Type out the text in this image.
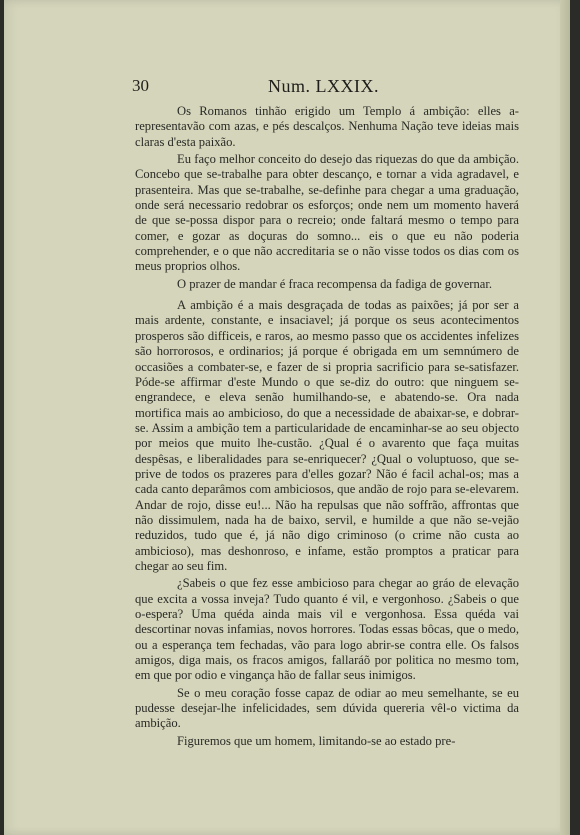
30	Num. LXXIX.

Os Romanos tinhão erigido um Templo á ambição: elles a-representavão com azas, e pés descalços. Nenhuma Nação teve ideias mais claras d'esta paixão.

Eu faço melhor conceito do desejo das riquezas do que da ambição. Concebo que se-trabalhe para obter descanço, e tornar a vida agradavel, e prasenteira. Mas que se-trabalhe, se-definhe para chegar a uma graduação, onde será necessario redobrar os esforços; onde nem um momento haverá de que se-possa dispor para o recreio; onde faltará mesmo o tempo para comer, e gozar as doçuras do somno... eis o que eu não poderia comprehender, e o que não accreditaria se o não visse todos os dias com os meus proprios olhos.

O prazer de mandar é fraca recompensa da fadiga de governar.

A ambição é a mais desgraçada de todas as paixões; já por ser a mais ardente, constante, e insaciavel; já porque os seus acontecimentos prosperos são difficeis, e raros, ao mesmo passo que os accidentes infelizes são horrorosos, e ordinarios; já porque é obrigada em um semnúmero de occasiões a combater-se, e fazer de si propria sacrificio para se-satisfazer. Póde-se affirmar d'este Mundo o que se-diz do outro: que ninguem se-engrandece, e eleva senão humilhando-se, e abatendo-se. Ora nada mortifica mais ao ambicioso, do que a necessidade de abaixar-se, e dobrar-se. Assim a ambição tem a particularidade de encaminhar-se ao seu objecto por meios que muito lhe-custão. ¿Qual é o avarento que faça muitas despêsas, e liberalidades para se-enriquecer? ¿Qual o voluptuoso, que se-prive de todos os prazeres para d'elles gozar? Não é facil achal-os; mas a cada canto deparâmos com ambiciosos, que andão de rojo para se-elevarem. Andar de rojo, disse eu!... Não ha repulsas que não soffrão, affrontas que não dissimulem, nada ha de baixo, servil, e humilde a que não se-vejão reduzidos, tudo que é, já não digo criminoso (o crime não custa ao ambicioso), mas deshonroso, e infame, estão promptos a praticar para chegar ao seu fim.

¿Sabeis o que fez esse ambicioso para chegar ao gráo de elevação que excita a vossa inveja? Tudo quanto é vil, e vergonhoso. ¿Sabeis o que o-espera? Uma quéda ainda mais vil e vergonhosa. Essa quéda vai descortinar novas infamias, novos horrores. Todas essas bôcas, que o medo, ou a esperança tem fechadas, vão para logo abrir-se contra elle. Os falsos amigos, diga mais, os fracos amigos, fallaráõ por politica no mesmo tom, em que por odio e vingança hão de fallar seus inimigos.

Se o meu coração fosse capaz de odiar ao meu semelhante, se eu pudesse desejar-lhe infelicidades, sem dúvida quereria vêl-o victima da ambição.

Figuremos que um homem, limitando-se ao estado pre-
